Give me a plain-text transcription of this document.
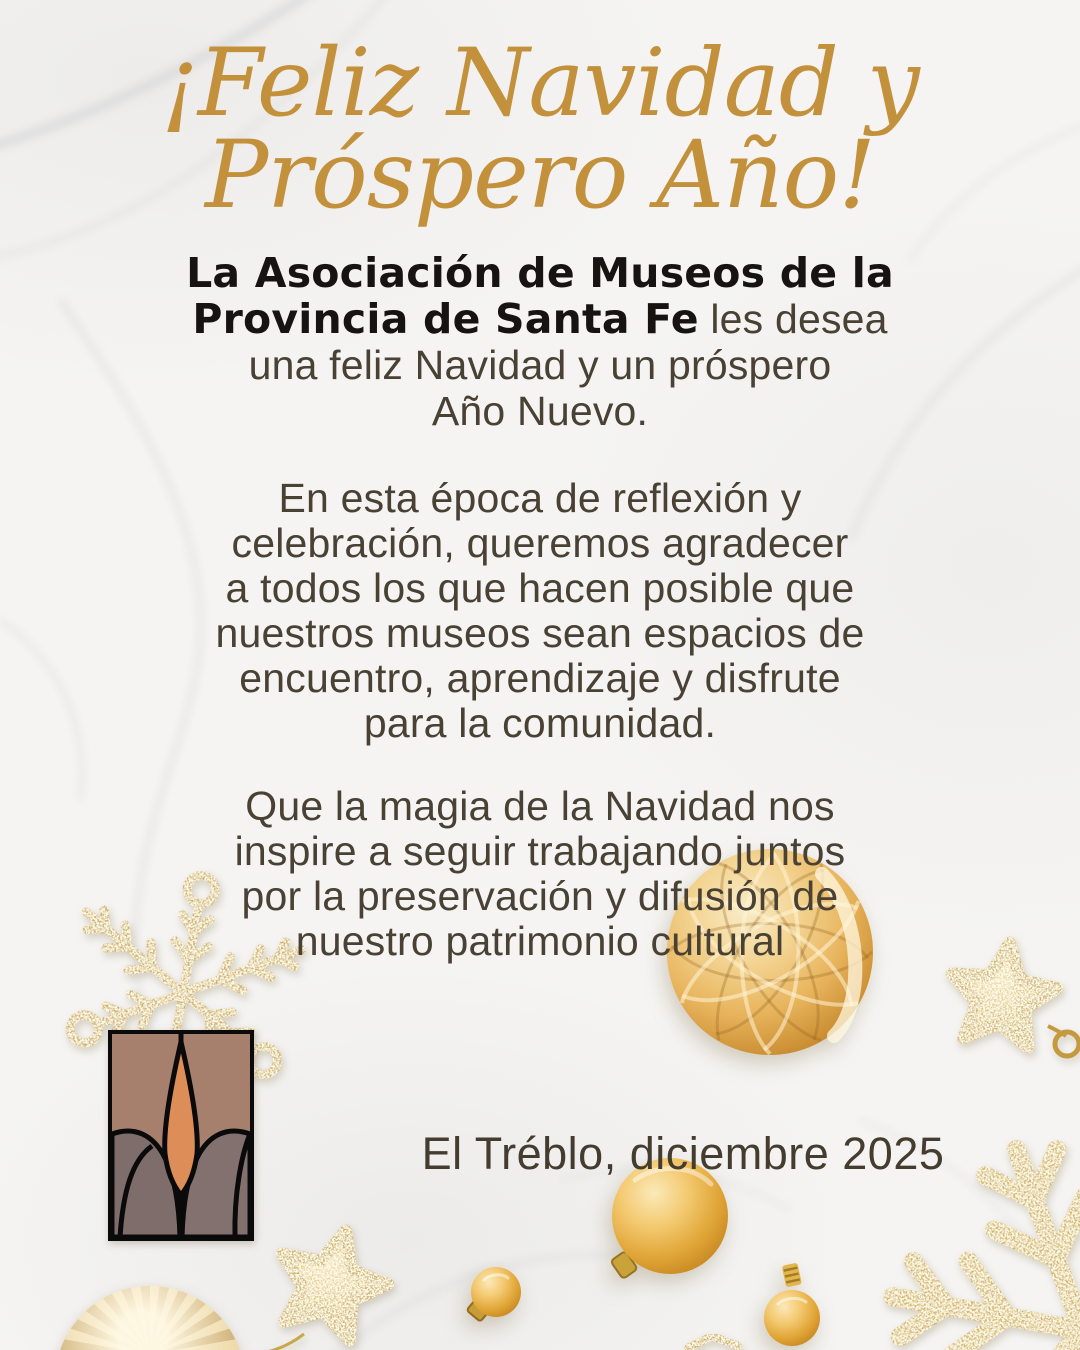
¡Feliz Navidad y
Próspero Año!
La Asociación de Museos de la
Provincia de Santa Fe les desea
una feliz Navidad y un próspero
Año Nuevo.
En esta época de reflexión y
celebración, queremos agradecer
a todos los que hacen posible que
nuestros museos sean espacios de
encuentro, aprendizaje y disfrute
para la comunidad.
Que la magia de la Navidad nos
inspire a seguir trabajando juntos
por la preservación y difusión de
nuestro patrimonio cultural
El Tréblo, diciembre 2025
